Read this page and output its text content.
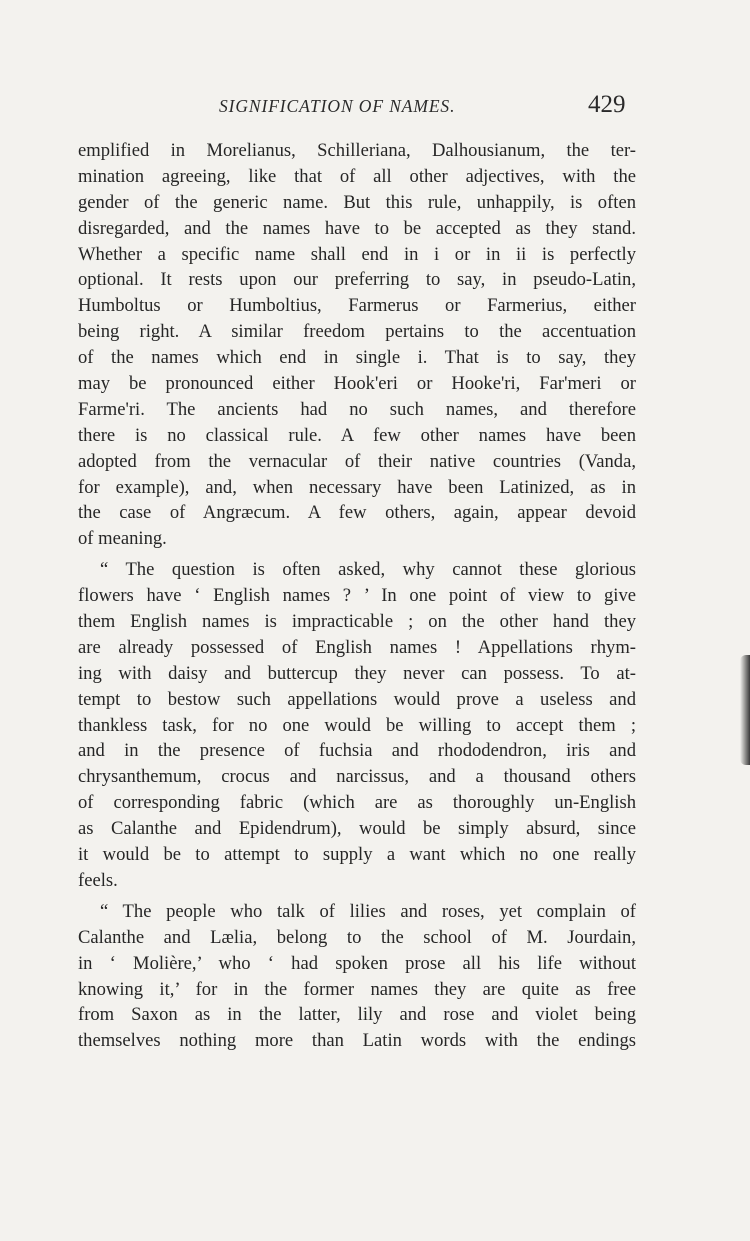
SIGNIFICATION OF NAMES.	429
emplified in Morelianus, Schilleriana, Dalhousianum, the ter-
mination agreeing, like that of all other adjectives, with the
gender of the generic name. But this rule, unhappily, is often
disregarded, and the names have to be accepted as they stand.
Whether a specific name shall end in i or in ii is perfectly
optional. It rests upon our preferring to say, in pseudo-Latin,
Humboltus or Humboltius, Farmerus or Farmerius, either
being right. A similar freedom pertains to the accentuation
of the names which end in single i. That is to say, they
may be pronounced either Hook'eri or Hooke'ri, Far'meri or
Farme'ri. The ancients had no such names, and therefore
there is no classical rule. A few other names have been
adopted from the vernacular of their native countries (Vanda,
for example), and, when necessary have been Latinized, as in
the case of Angræcum. A few others, again, appear devoid
of meaning.
“ The question is often asked, why cannot these glorious
flowers have ‘ English names ? ’ In one point of view to give
them English names is impracticable ; on the other hand they
are already possessed of English names ! Appellations rhym-
ing with daisy and buttercup they never can possess. To at-
tempt to bestow such appellations would prove a useless and
thankless task, for no one would be willing to accept them ;
and in the presence of fuchsia and rhododendron, iris and
chrysanthemum, crocus and narcissus, and a thousand others
of corresponding fabric (which are as thoroughly un-English
as Calanthe and Epidendrum), would be simply absurd, since
it would be to attempt to supply a want which no one really
feels.
“ The people who talk of lilies and roses, yet complain of
Calanthe and Lælia, belong to the school of M. Jourdain,
in ‘ Molière,’ who ‘ had spoken prose all his life without
knowing it,’ for in the former names they are quite as free
from Saxon as in the latter, lily and rose and violet being
themselves nothing more than Latin words with the endings
